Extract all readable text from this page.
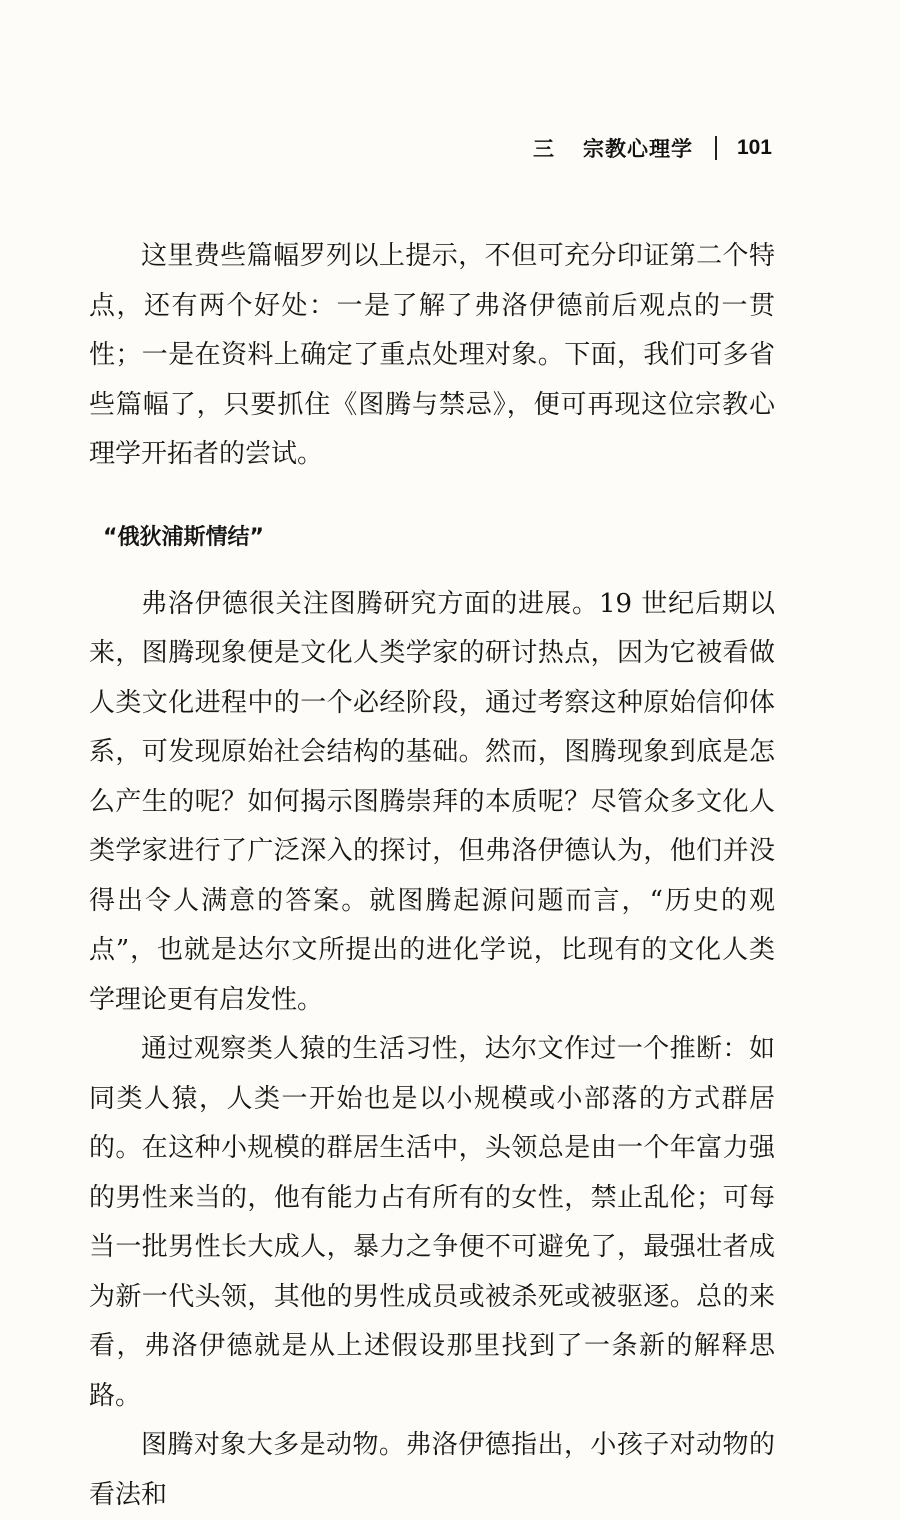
三 宗教心理学 101

这里费些篇幅罗列以上提示，不但可充分印证第二个特点，还有两个好处：一是了解了弗洛伊德前后观点的一贯性；一是在资料上确定了重点处理对象。下面，我们可多省些篇幅了，只要抓住《图腾与禁忌》，便可再现这位宗教心理学开拓者的尝试。

“俄狄浦斯情结”

弗洛伊德很关注图腾研究方面的进展。19 世纪后期以来，图腾现象便是文化人类学家的研讨热点，因为它被看做人类文化进程中的一个必经阶段，通过考察这种原始信仰体系，可发现原始社会结构的基础。然而，图腾现象到底是怎么产生的呢？如何揭示图腾崇拜的本质呢？尽管众多文化人类学家进行了广泛深入的探讨，但弗洛伊德认为，他们并没得出令人满意的答案。就图腾起源问题而言，“历史的观点”，也就是达尔文所提出的进化学说，比现有的文化人类学理论更有启发性。

通过观察类人猿的生活习性，达尔文作过一个推断：如同类人猿，人类一开始也是以小规模或小部落的方式群居的。在这种小规模的群居生活中，头领总是由一个年富力强的男性来当的，他有能力占有所有的女性，禁止乱伦；可每当一批男性长大成人，暴力之争便不可避免了，最强壮者成为新一代头领，其他的男性成员或被杀死或被驱逐。总的来看，弗洛伊德就是从上述假设那里找到了一条新的解释思路。

图腾对象大多是动物。弗洛伊德指出，小孩子对动物的看法和
